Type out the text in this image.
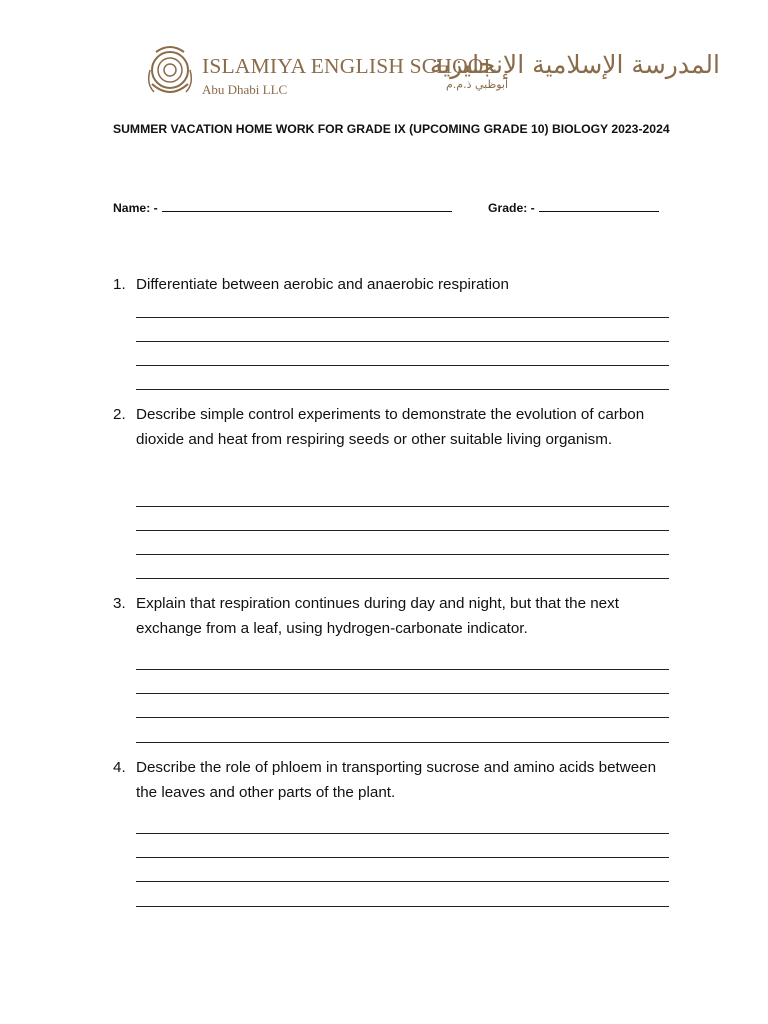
ISLAMIYA ENGLISH SCHOOL
Abu Dhabi LLC	أبوظبي ذ.م.م
المدرسة الإسلامية الإنجليزية
SUMMER VACATION HOME WORK FOR GRADE IX (UPCOMING GRADE 10) BIOLOGY 2023-2024
Name: -	Grade: -
1. Differentiate between aerobic and anaerobic respiration
2. Describe simple control experiments to demonstrate the evolution of carbon dioxide and heat from respiring seeds or other suitable living organism.
3. Explain that respiration continues during day and night, but that the next exchange from a leaf, using hydrogen-carbonate indicator.
4. Describe the role of phloem in transporting sucrose and amino acids between the leaves and other parts of the plant.
